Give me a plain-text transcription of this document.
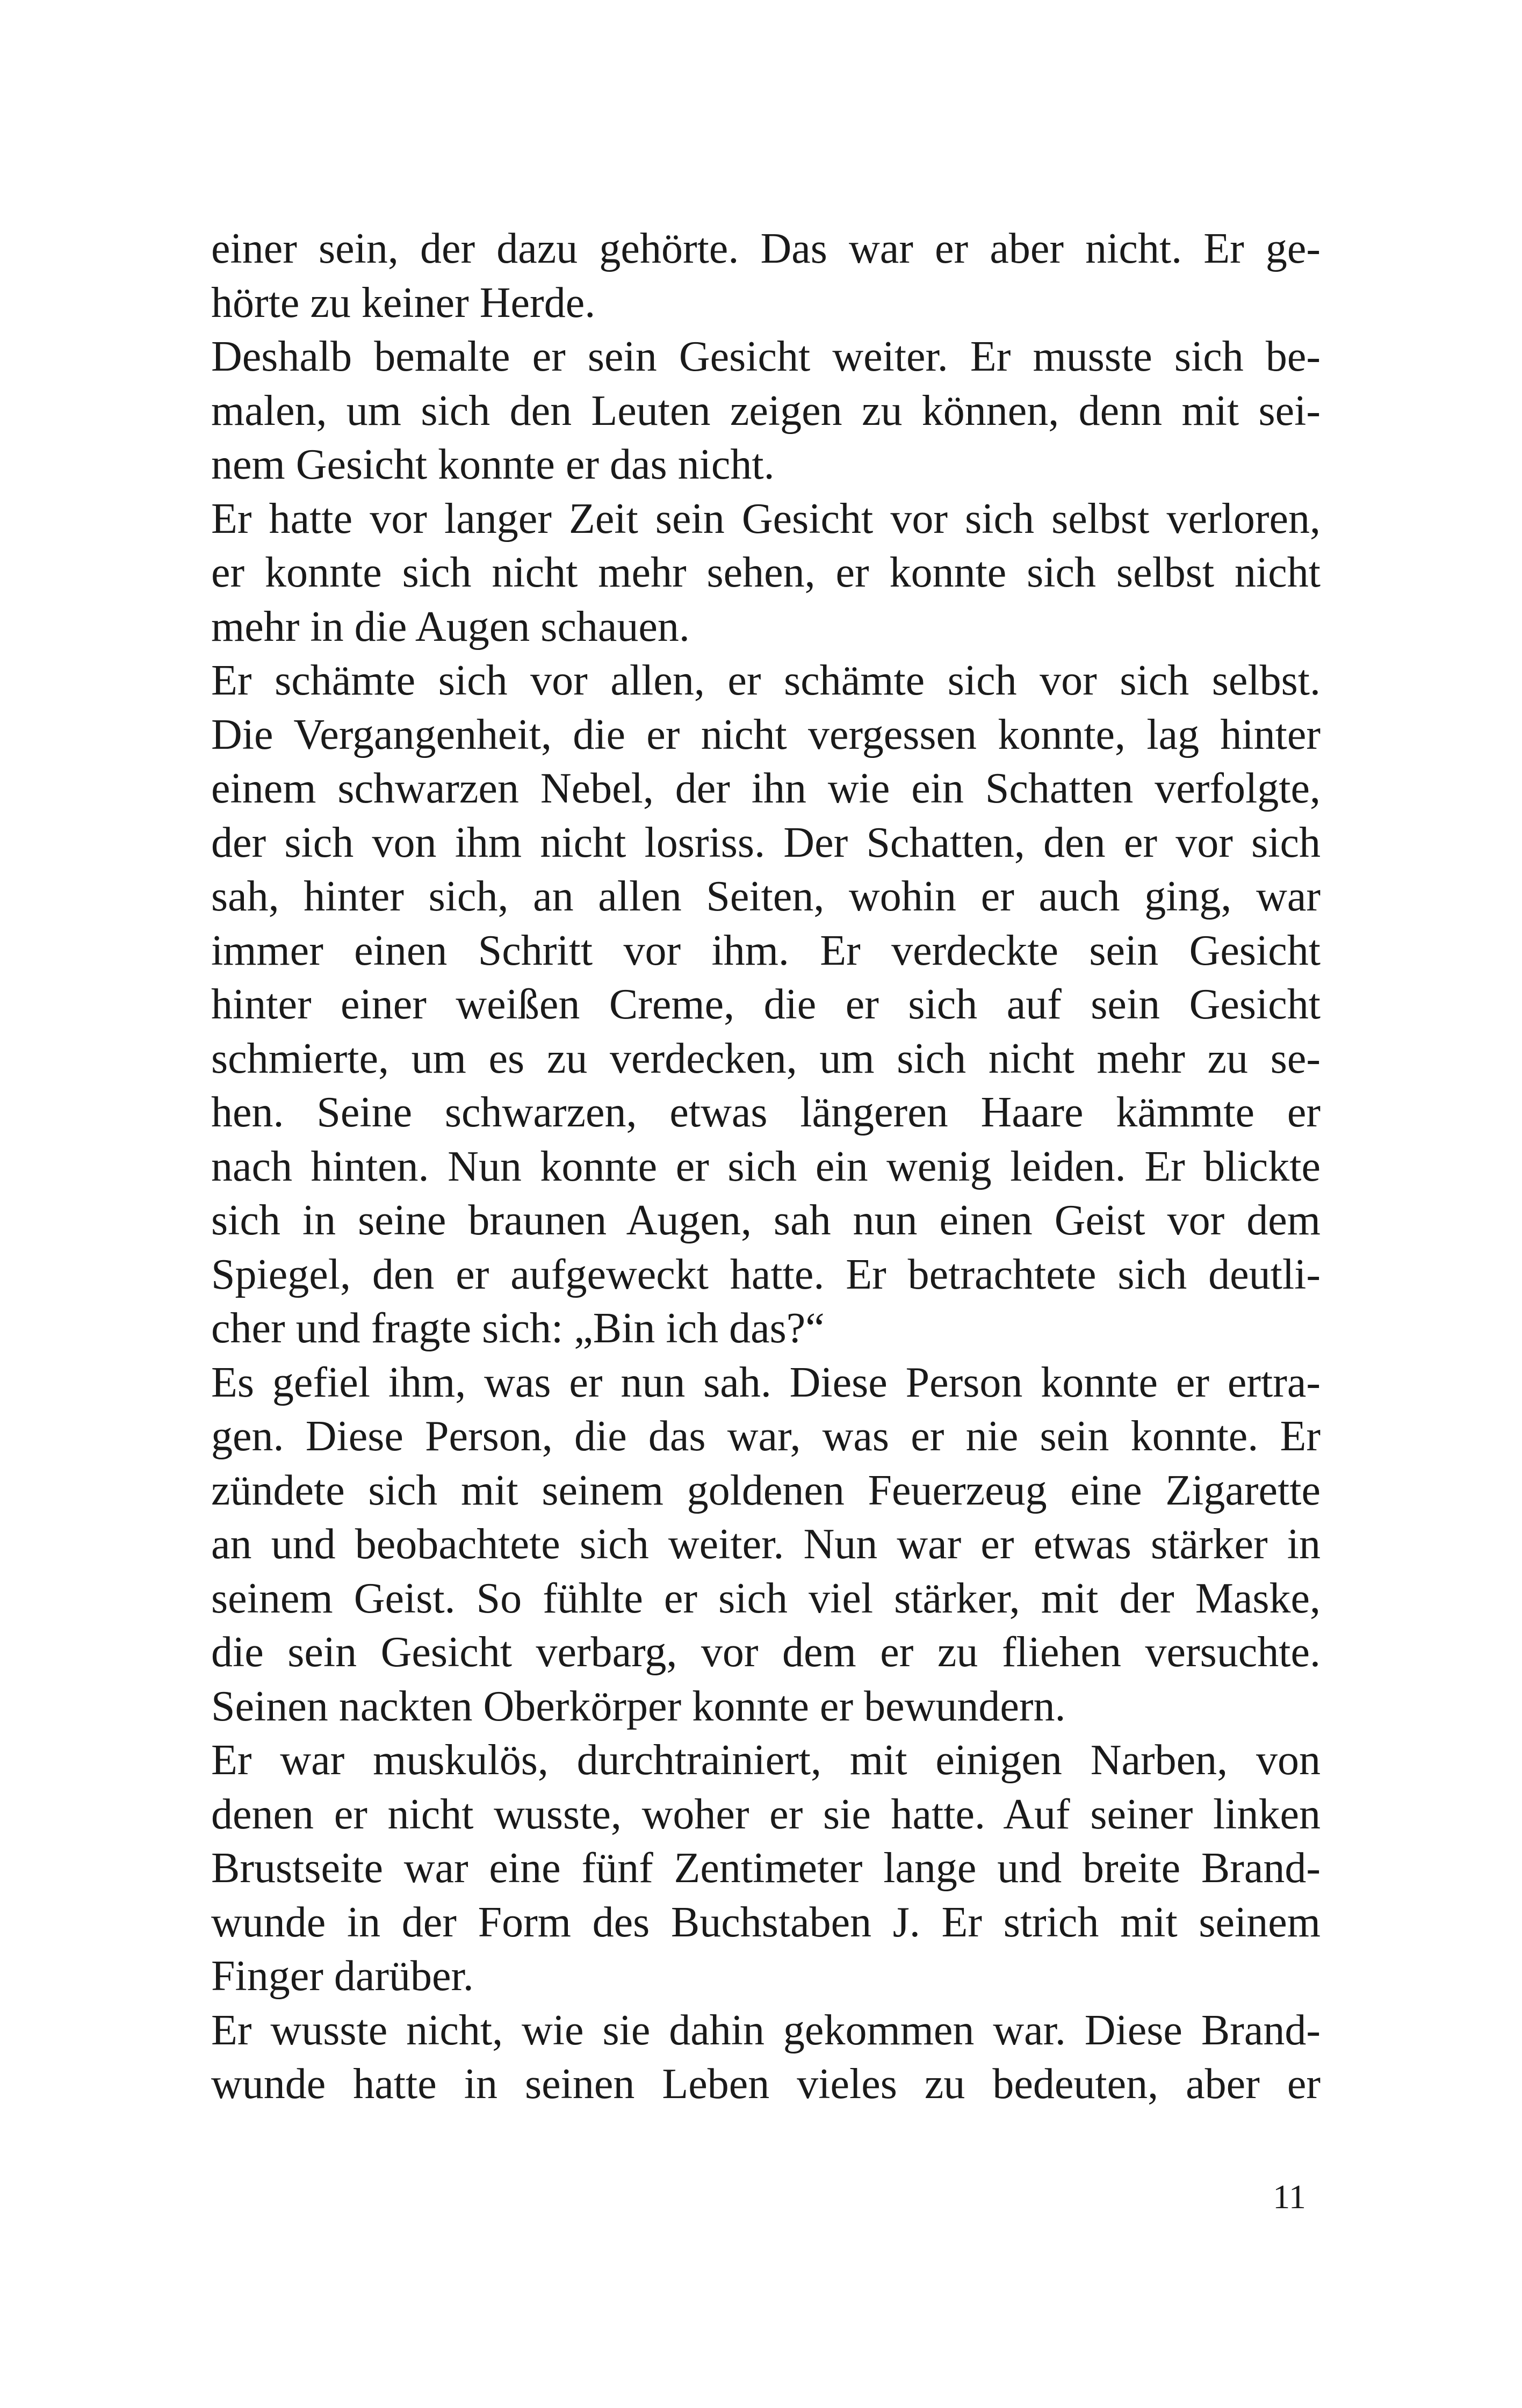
einer sein, der dazu gehörte. Das war er aber nicht. Er ge-
hörte zu keiner Herde.
Deshalb bemalte er sein Gesicht weiter. Er musste sich be-
malen, um sich den Leuten zeigen zu können, denn mit sei-
nem Gesicht konnte er das nicht.
Er hatte vor langer Zeit sein Gesicht vor sich selbst verloren,
er konnte sich nicht mehr sehen, er konnte sich selbst nicht
mehr in die Augen schauen.
Er schämte sich vor allen, er schämte sich vor sich selbst.
Die Vergangenheit, die er nicht vergessen konnte, lag hinter
einem schwarzen Nebel, der ihn wie ein Schatten verfolgte,
der sich von ihm nicht losriss. Der Schatten, den er vor sich
sah, hinter sich, an allen Seiten, wohin er auch ging, war
immer einen Schritt vor ihm. Er verdeckte sein Gesicht
hinter einer weißen Creme, die er sich auf sein Gesicht
schmierte, um es zu verdecken, um sich nicht mehr zu se-
hen. Seine schwarzen, etwas längeren Haare kämmte er
nach hinten. Nun konnte er sich ein wenig leiden. Er blickte
sich in seine braunen Augen, sah nun einen Geist vor dem
Spiegel, den er aufgeweckt hatte. Er betrachtete sich deutli-
cher und fragte sich: „Bin ich das?“
Es gefiel ihm, was er nun sah. Diese Person konnte er ertra-
gen. Diese Person, die das war, was er nie sein konnte. Er
zündete sich mit seinem goldenen Feuerzeug eine Zigarette
an und beobachtete sich weiter. Nun war er etwas stärker in
seinem Geist. So fühlte er sich viel stärker, mit der Maske,
die sein Gesicht verbarg, vor dem er zu fliehen versuchte.
Seinen nackten Oberkörper konnte er bewundern.
Er war muskulös, durchtrainiert, mit einigen Narben, von
denen er nicht wusste, woher er sie hatte. Auf seiner linken
Brustseite war eine fünf Zentimeter lange und breite Brand-
wunde in der Form des Buchstaben J. Er strich mit seinem
Finger darüber.
Er wusste nicht, wie sie dahin gekommen war. Diese Brand-
wunde hatte in seinen Leben vieles zu bedeuten, aber er
11
